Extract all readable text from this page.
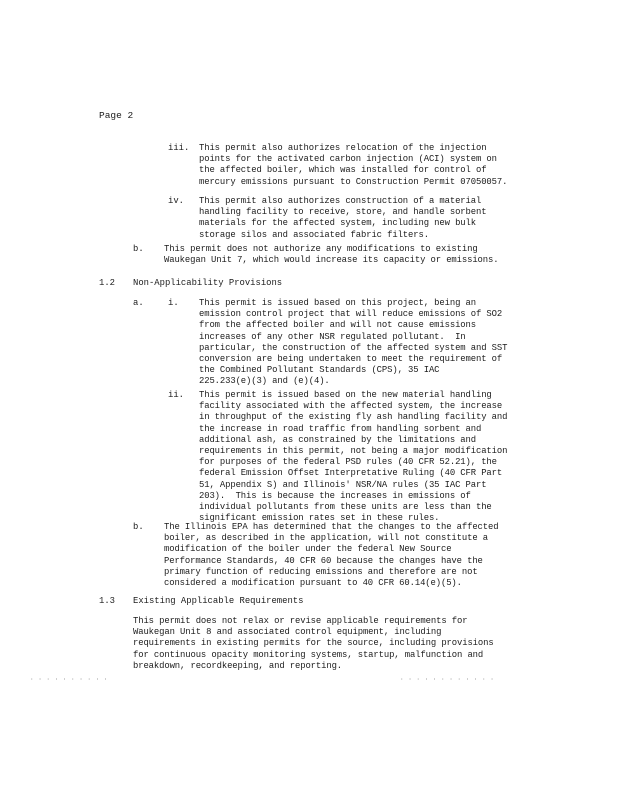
Page 2
iii. This permit also authorizes relocation of the injection
points for the activated carbon injection (ACI) system on
the affected boiler, which was installed for control of
mercury emissions pursuant to Construction Permit 07050057.
iv. This permit also authorizes construction of a material
handling facility to receive, store, and handle sorbent
materials for the affected system, including new bulk
storage silos and associated fabric filters.
b. This permit does not authorize any modifications to existing
Waukegan Unit 7, which would increase its capacity or emissions.
1.2 Non-Applicability Provisions
a.	i. This permit is issued based on this project, being an
emission control project that will reduce emissions of SO2
from the affected boiler and will not cause emissions
increases of any other NSR regulated pollutant.  In
particular, the construction of the affected system and SST
conversion are being undertaken to meet the requirement of
the Combined Pollutant Standards (CPS), 35 IAC
225.233(e)(3) and (e)(4).
ii. This permit is issued based on the new material handling
facility associated with the affected system, the increase
in throughput of the existing fly ash handling facility and
the increase in road traffic from handling sorbent and
additional ash, as constrained by the limitations and
requirements in this permit, not being a major modification
for purposes of the federal PSD rules (40 CFR 52.21), the
federal Emission Offset Interpretative Ruling (40 CFR Part
51, Appendix S) and Illinois' NSR/NA rules (35 IAC Part
203).  This is because the increases in emissions of
individual pollutants from these units are less than the
significant emission rates set in these rules.
b. The Illinois EPA has determined that the changes to the affected
boiler, as described in the application, will not constitute a
modification of the boiler under the federal New Source
Performance Standards, 40 CFR 60 because the changes have the
primary function of reducing emissions and therefore are not
considered a modification pursuant to 40 CFR 60.14(e)(5).
1.3 Existing Applicable Requirements
This permit does not relax or revise applicable requirements for
Waukegan Unit 8 and associated control equipment, including
requirements in existing permits for the source, including provisions
for continuous opacity monitoring systems, startup, malfunction and
breakdown, recordkeeping, and reporting.
· · · · · · · · · ·	· · · · · · · · · · · ·
